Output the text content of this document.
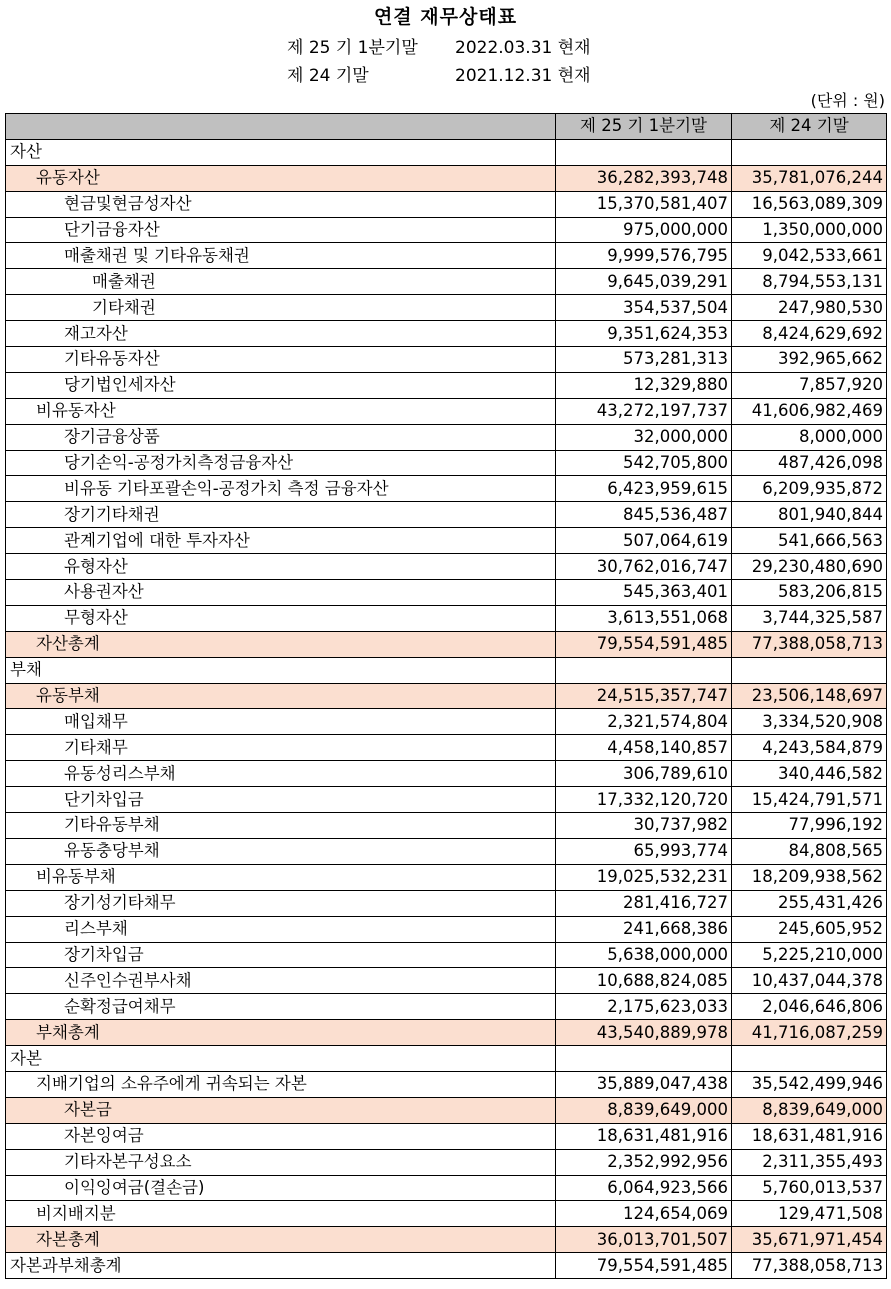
연결 재무상태표
제 25 기 1분기말 2022.03.31 현재
제 24 기말	2021.12.31 현재
(단위 : 원)
	제 25 기 1분기말	제 24 기말
자산		
유동자산	36,282,393,748	35,781,076,244
현금및현금성자산	15,370,581,407	16,563,089,309
단기금융자산	975,000,000	1,350,000,000
매출채권 및 기타유동채권	9,999,576,795	9,042,533,661
매출채권	9,645,039,291	8,794,553,131
기타채권	354,537,504	247,980,530
재고자산	9,351,624,353	8,424,629,692
기타유동자산	573,281,313	392,965,662
당기법인세자산	12,329,880	7,857,920
비유동자산	43,272,197,737	41,606,982,469
장기금융상품	32,000,000	8,000,000
당기손익-공정가치측정금융자산	542,705,800	487,426,098
비유동 기타포괄손익-공정가치 측정 금융자산	6,423,959,615	6,209,935,872
장기기타채권	845,536,487	801,940,844
관계기업에 대한 투자자산	507,064,619	541,666,563
유형자산	30,762,016,747	29,230,480,690
사용권자산	545,363,401	583,206,815
무형자산	3,613,551,068	3,744,325,587
자산총계	79,554,591,485	77,388,058,713
부채		
유동부채	24,515,357,747	23,506,148,697
매입채무	2,321,574,804	3,334,520,908
기타채무	4,458,140,857	4,243,584,879
유동성리스부채	306,789,610	340,446,582
단기차입금	17,332,120,720	15,424,791,571
기타유동부채	30,737,982	77,996,192
유동충당부채	65,993,774	84,808,565
비유동부채	19,025,532,231	18,209,938,562
장기성기타채무	281,416,727	255,431,426
리스부채	241,668,386	245,605,952
장기차입금	5,638,000,000	5,225,210,000
신주인수권부사채	10,688,824,085	10,437,044,378
순확정급여채무	2,175,623,033	2,046,646,806
부채총계	43,540,889,978	41,716,087,259
자본		
지배기업의 소유주에게 귀속되는 자본	35,889,047,438	35,542,499,946
자본금	8,839,649,000	8,839,649,000
자본잉여금	18,631,481,916	18,631,481,916
기타자본구성요소	2,352,992,956	2,311,355,493
이익잉여금(결손금)	6,064,923,566	5,760,013,537
비지배지분	124,654,069	129,471,508
자본총계	36,013,701,507	35,671,971,454
자본과부채총계	79,554,591,485	77,388,058,713
